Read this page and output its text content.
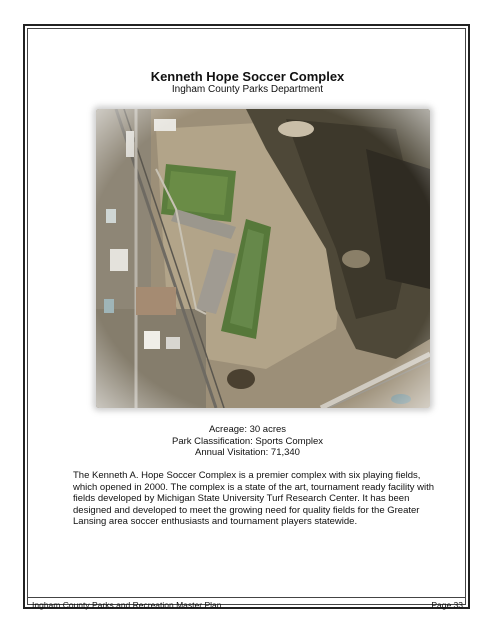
Kenneth Hope Soccer Complex
Ingham County Parks Department
Acreage: 30 acres
Park Classification: Sports Complex
Annual Visitation: 71,340
The Kenneth A. Hope Soccer Complex is a premier complex with six playing fields, which opened in 2000. The complex is a state of the art, tournament ready facility with fields developed by Michigan State University Turf Research Center. It has been designed and developed to meet the growing need for quality fields for the Greater Lansing area soccer enthusiasts and tournament players statewide.
Ingham County Parks and Recreation Master Plan	Page 33
